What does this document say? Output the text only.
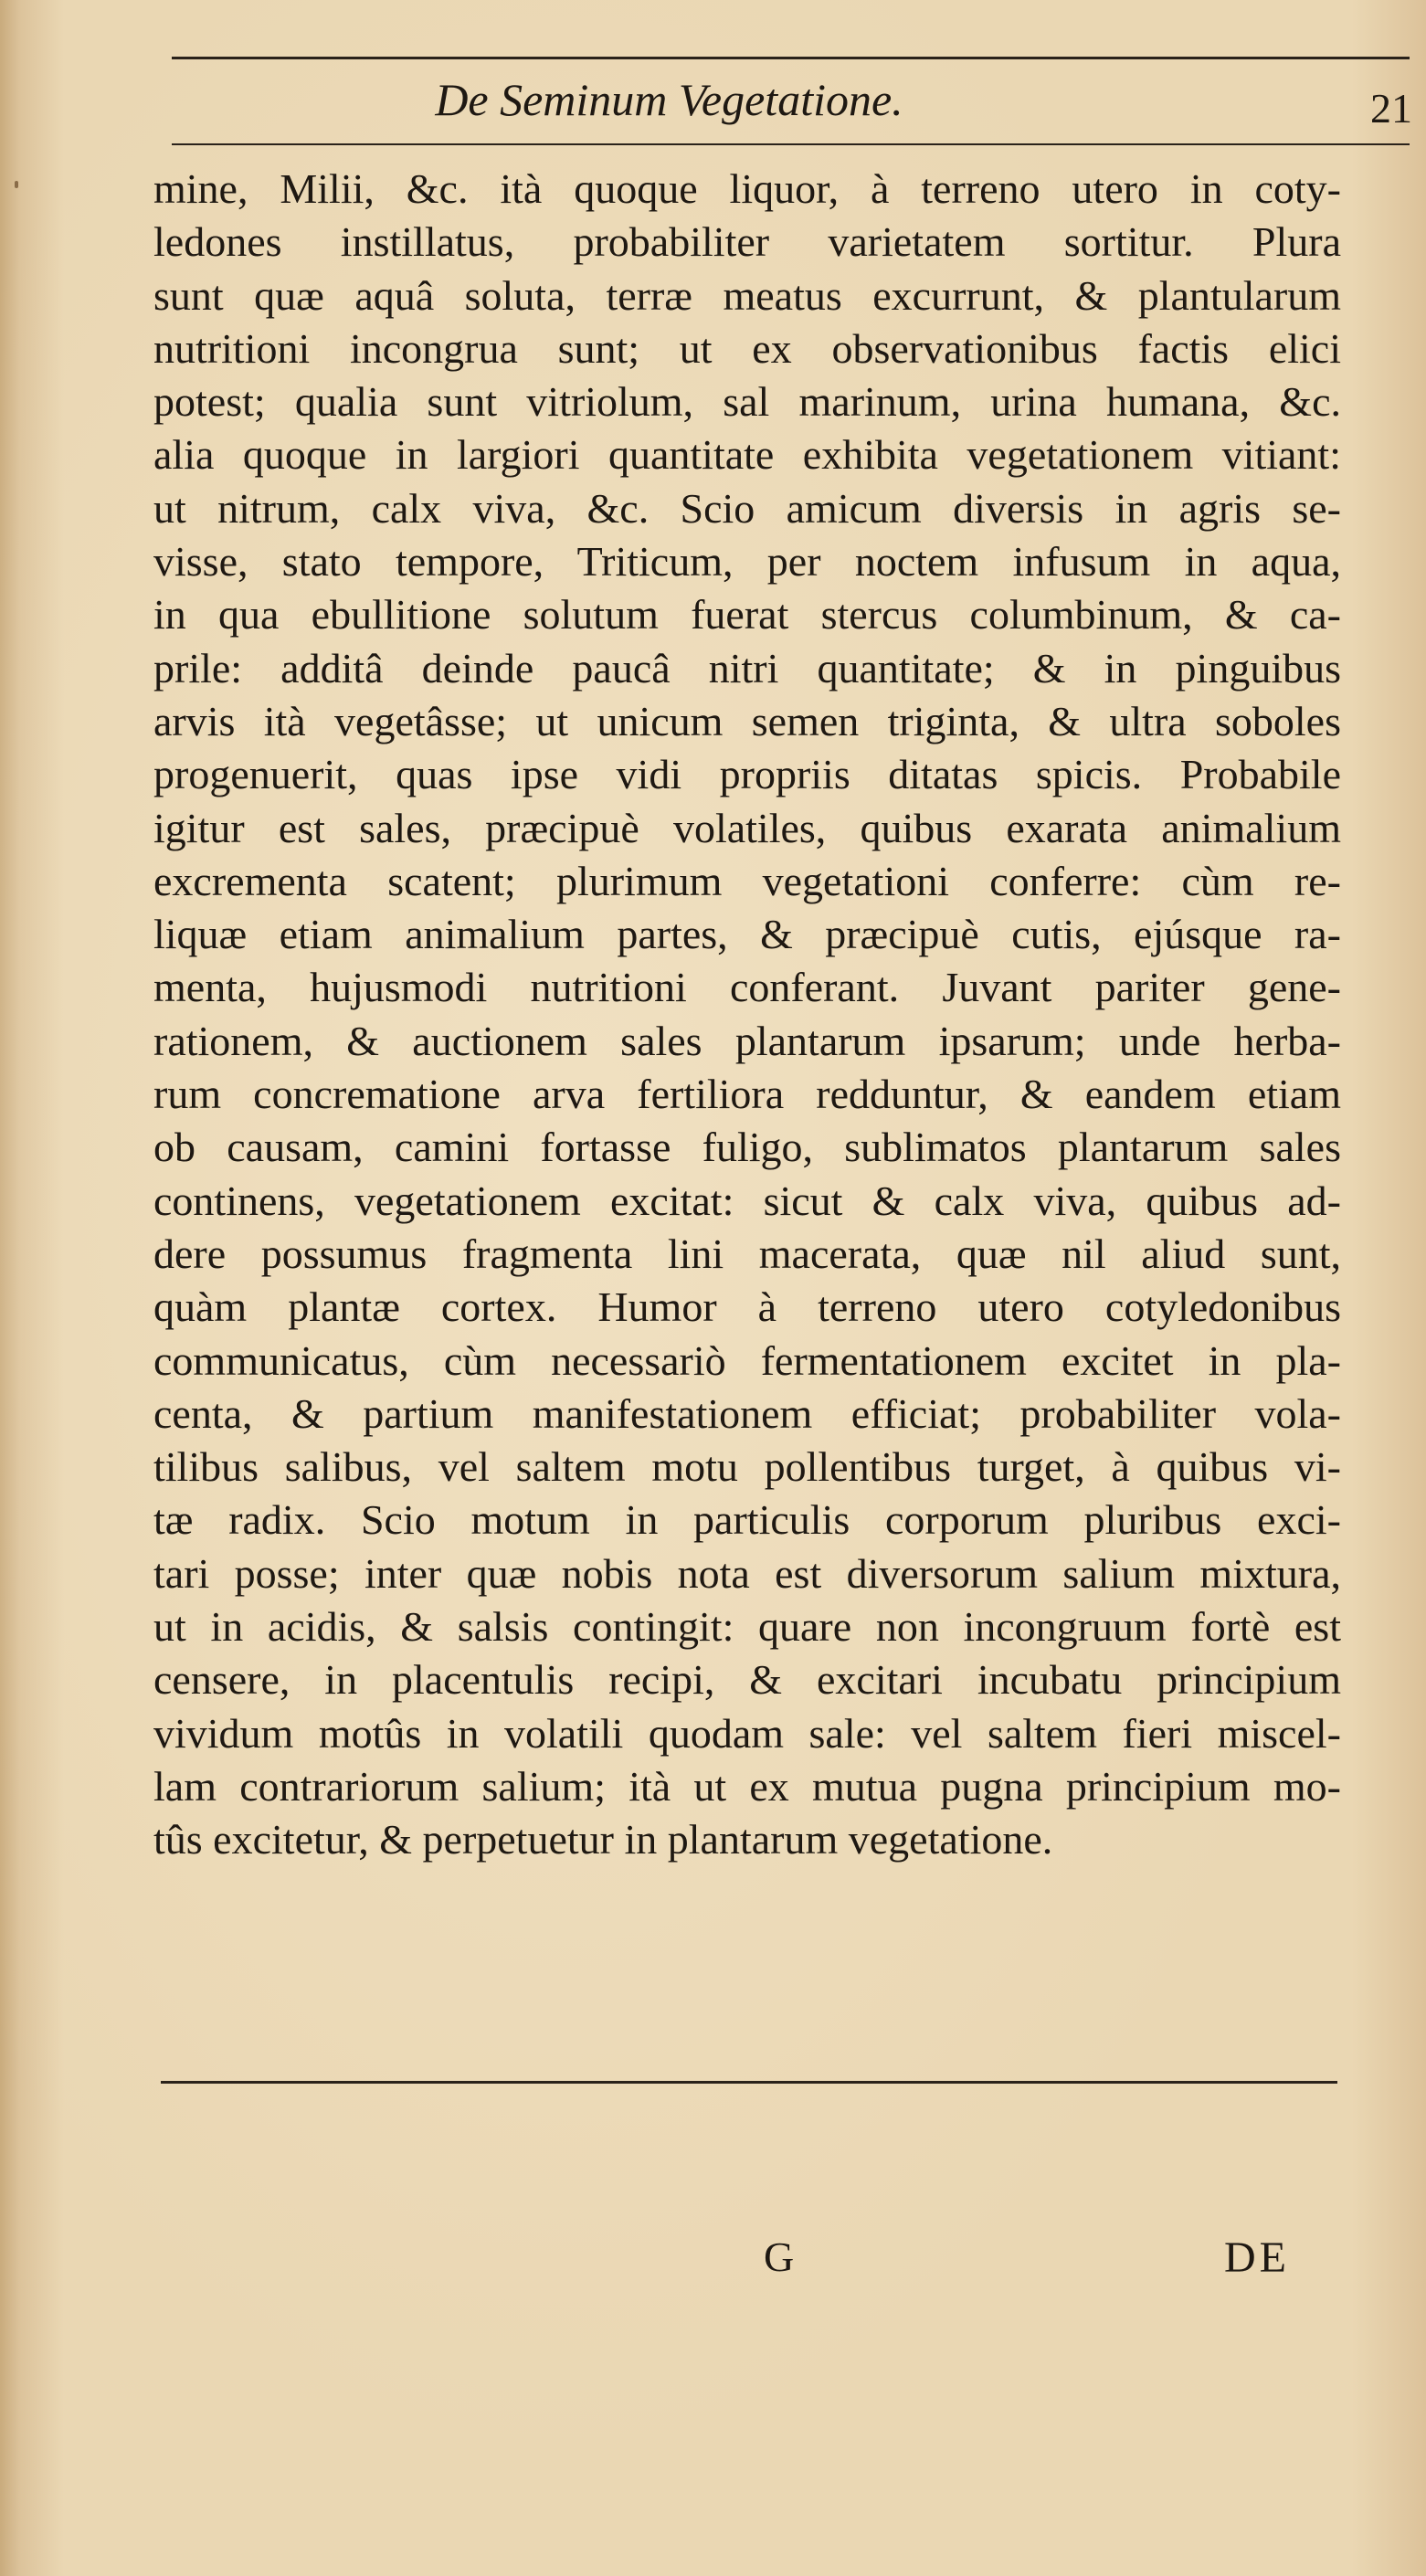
De Seminum Vegetatione.	21
mine, Milii, &c. ità quoque liquor, à terreno utero in coty-
ledones instillatus, probabiliter varietatem sortitur. Plura
sunt quæ aquâ soluta, terræ meatus excurrunt, & plantularum
nutritioni incongrua sunt; ut ex observationibus factis elici
potest; qualia sunt vitriolum, sal marinum, urina humana, &c.
alia quoque in largiori quantitate exhibita vegetationem vitiant:
ut nitrum, calx viva, &c. Scio amicum diversis in agris se-
visse, stato tempore, Triticum, per noctem infusum in aqua,
in qua ebullitione solutum fuerat stercus columbinum, & ca-
prile: additâ deinde paucâ nitri quantitate; & in pinguibus
arvis ità vegetâsse; ut unicum semen triginta, & ultra soboles
progenuerit, quas ipse vidi propriis ditatas spicis. Probabile
igitur est sales, præcipuè volatiles, quibus exarata animalium
excrementa scatent; plurimum vegetationi conferre: cùm re-
liquæ etiam animalium partes, & præcipuè cutis, ejúsque ra-
menta, hujusmodi nutritioni conferant. Juvant pariter gene-
rationem, & auctionem sales plantarum ipsarum; unde herba-
rum concrematione arva fertiliora redduntur, & eandem etiam
ob causam, camini fortasse fuligo, sublimatos plantarum sales
continens, vegetationem excitat: sicut & calx viva, quibus ad-
dere possumus fragmenta lini macerata, quæ nil aliud sunt,
quàm plantæ cortex. Humor à terreno utero cotyledonibus
communicatus, cùm necessariò fermentationem excitet in pla-
centa, & partium manifestationem efficiat; probabiliter vola-
tilibus salibus, vel saltem motu pollentibus turget, à quibus vi-
tæ radix. Scio motum in particulis corporum pluribus exci-
tari posse; inter quæ nobis nota est diversorum salium mixtura,
ut in acidis, & salsis contingit: quare non incongruum fortè est
censere, in placentulis recipi, & excitari incubatu principium
vividum motûs in volatili quodam sale: vel saltem fieri miscel-
lam contrariorum salium; ità ut ex mutua pugna principium mo-
tûs excitetur, & perpetuetur in plantarum vegetatione.
G	DE
